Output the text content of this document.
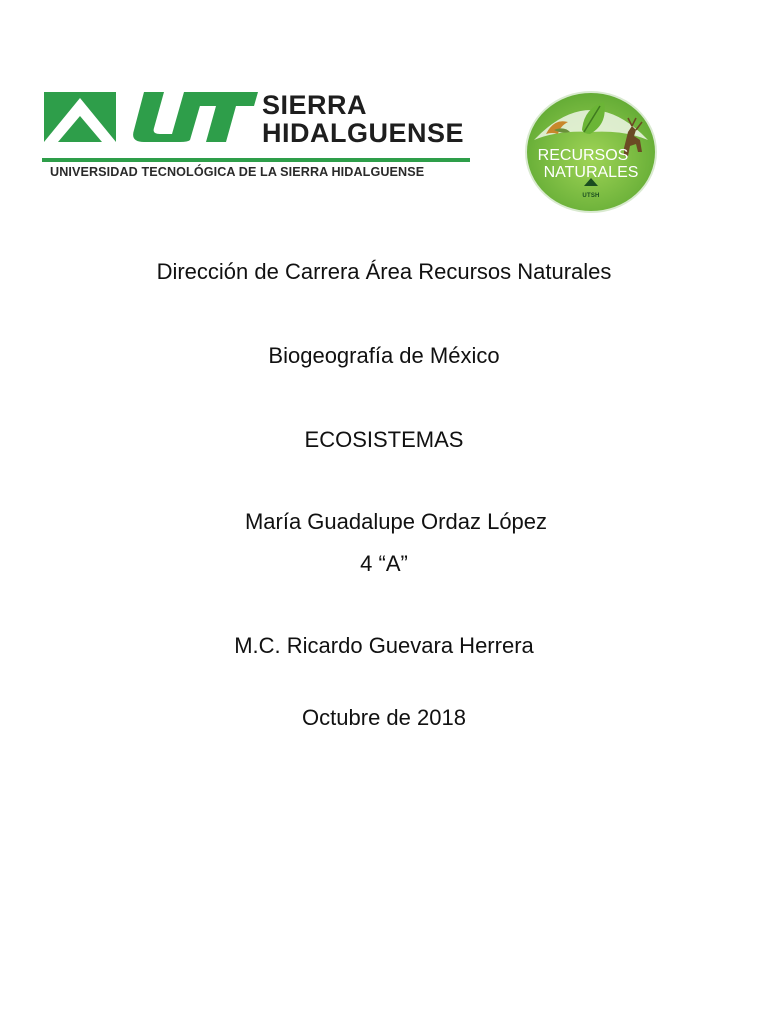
SIERRA
HIDALGUENSE
UNIVERSIDAD TECNOLÓGICA DE LA SIERRA HIDALGUENSE
RECURSOS
NATURALES
UTSH
Dirección de Carrera Área Recursos Naturales
Biogeografía de México
ECOSISTEMAS
María Guadalupe Ordaz López
4 “A”
M.C. Ricardo Guevara Herrera
Octubre de 2018
